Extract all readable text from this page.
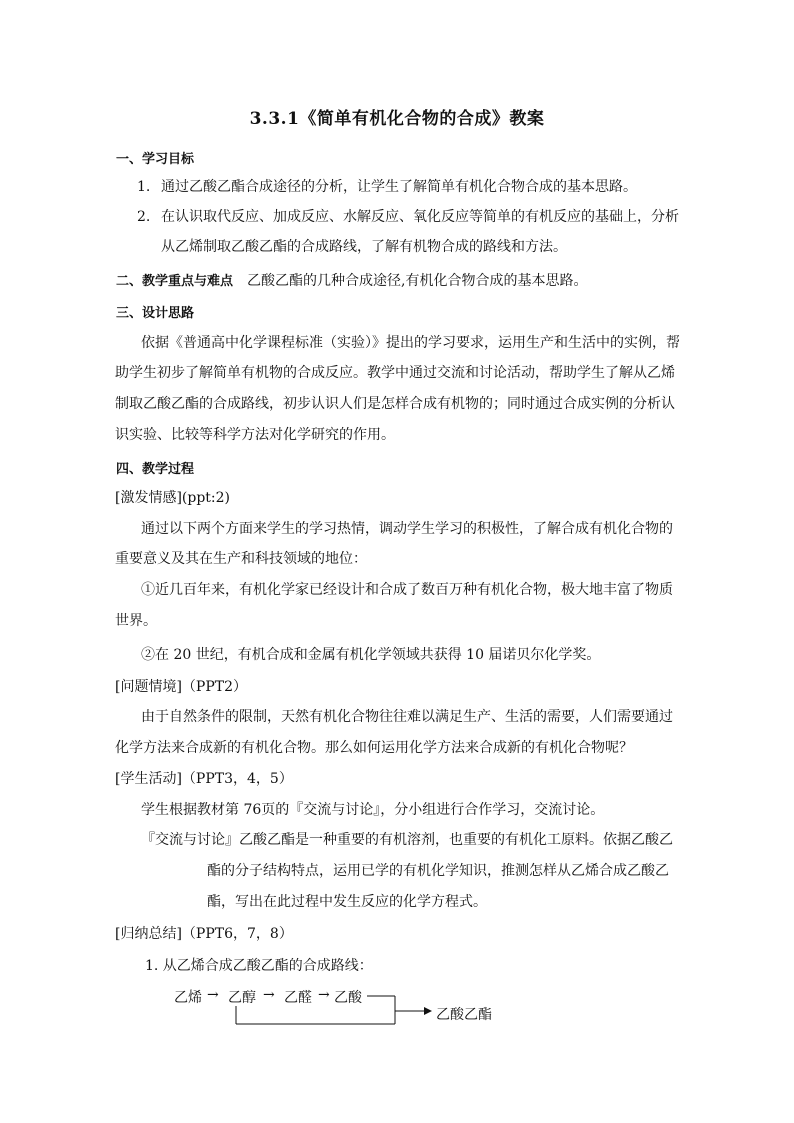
3.3.1《简单有机化合物的合成》教案
一、学习目标
1. 通过乙酸乙酯合成途径的分析，让学生了解简单有机化合物合成的基本思路。
2. 在认识取代反应、加成反应、水解反应、氧化反应等简单的有机反应的基础上，分析
从乙烯制取乙酸乙酯的合成路线，了解有机物合成的路线和方法。
二、教学重点与难点 乙酸乙酯的几种合成途径,有机化合物合成的基本思路。
三、设计思路
依据《普通高中化学课程标准（实验）》提出的学习要求，运用生产和生活中的实例，帮
助学生初步了解简单有机物的合成反应。教学中通过交流和讨论活动，帮助学生了解从乙烯
制取乙酸乙酯的合成路线，初步认识人们是怎样合成有机物的；同时通过合成实例的分析认
识实验、比较等科学方法对化学研究的作用。
四、教学过程
[激发情感](ppt:2)
通过以下两个方面来学生的学习热情，调动学生学习的积极性，了解合成有机化合物的
重要意义及其在生产和科技领域的地位：
①近几百年来，有机化学家已经设计和合成了数百万种有机化合物，极大地丰富了物质
世界。
②在 20 世纪，有机合成和金属有机化学领域共获得 10 届诺贝尔化学奖。
[问题情境]（PPT2）
由于自然条件的限制，天然有机化合物往往难以满足生产、生活的需要，人们需要通过
化学方法来合成新的有机化合物。那么如何运用化学方法来合成新的有机化合物呢？
[学生活动]（PPT3，4，5）
学生根据教材第 76页的『交流与讨论』，分小组进行合作学习，交流讨论。
『交流与讨论』乙酸乙酯是一种重要的有机溶剂，也重要的有机化工原料。依据乙酸乙
酯的分子结构特点，运用已学的有机化学知识，推测怎样从乙烯合成乙酸乙
酯，写出在此过程中发生反应的化学方程式。
[归纳总结]（PPT6，7，8）
1. 从乙烯合成乙酸乙酯的合成路线：
乙烯 → 乙醇 → 乙醛 → 乙酸
乙酸乙酯
